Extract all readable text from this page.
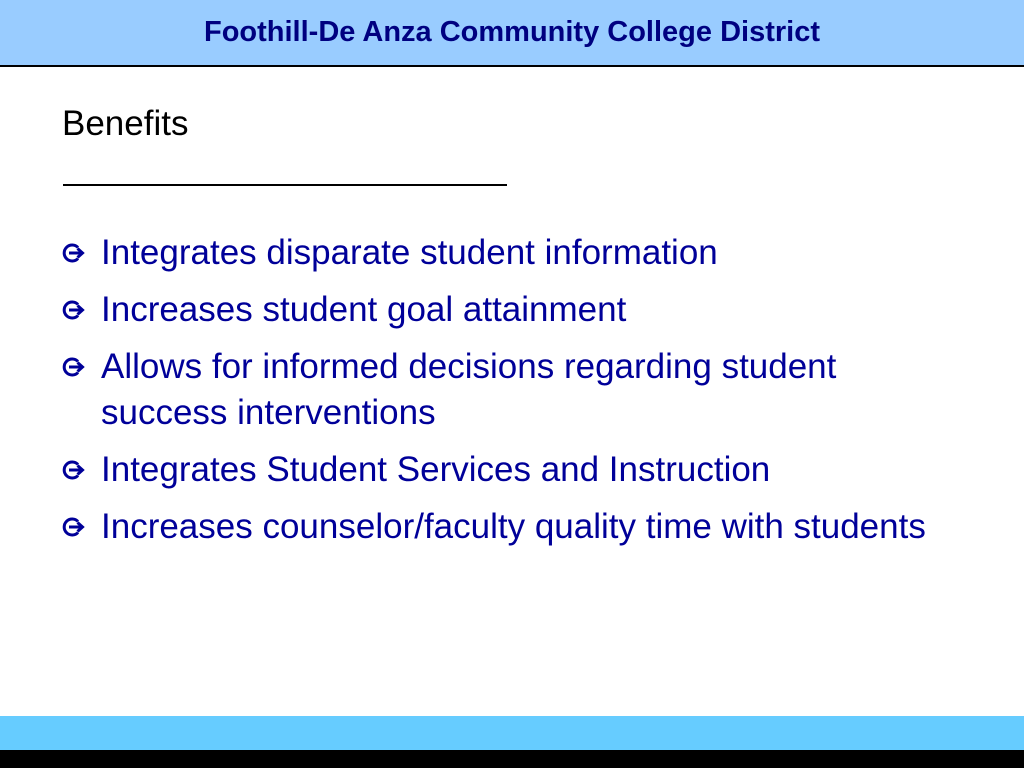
Foothill-De Anza Community College District
Benefits
Integrates disparate student information
Increases student goal attainment
Allows for informed decisions regarding student success interventions
Integrates Student Services and Instruction
Increases counselor/faculty quality time with students
